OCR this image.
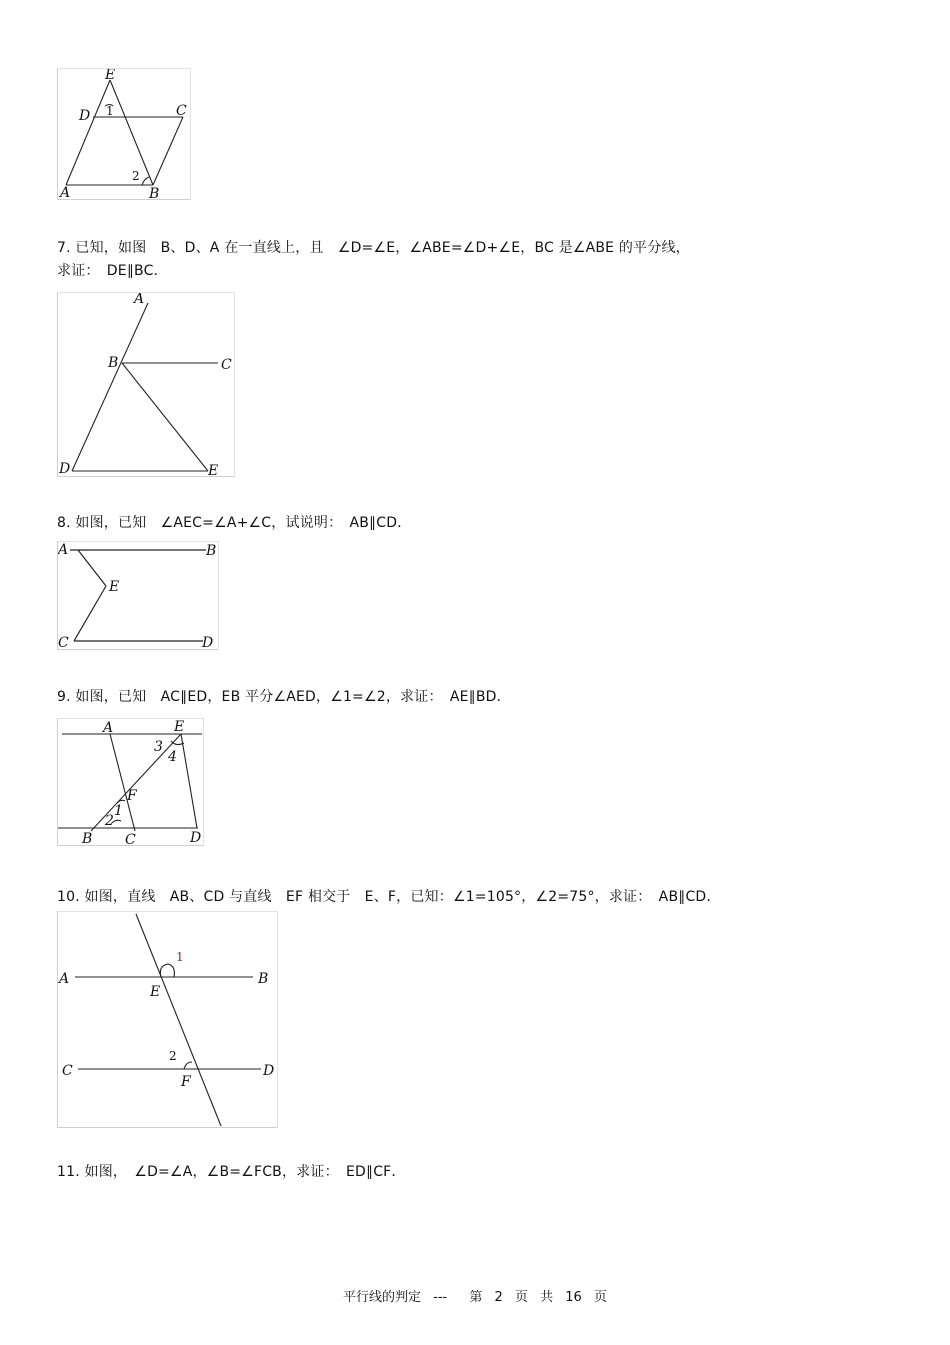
E
D	C
A	B
1
2
7. 已知，如图　B、D、A 在一直线上，且　∠D=∠E，∠ABE=∠D+∠E，BC 是∠ABE 的平分线，
求证：　DE∥BC．
A
B	C
D	E
8. 如图，已知　∠AEC=∠A+∠C，试说明：　AB∥CD．
A	B
E
C	D
9. 如图，已知　AC∥ED，EB 平分∠AED，∠1=∠2，求证：　AE∥BD．
A	E
3
4
F
1
2
B C	D
10. 如图，直线　AB、CD 与直线　EF 相交于　E、F，已知：∠1=105°，∠2=75°，求证：　AB∥CD．
1
A	B
E
2
C	D
F
11. 如图，　∠D=∠A，∠B=∠FCB，求证：　ED∥CF．
平行线的判定 --- 第 2 页 共 16 页
